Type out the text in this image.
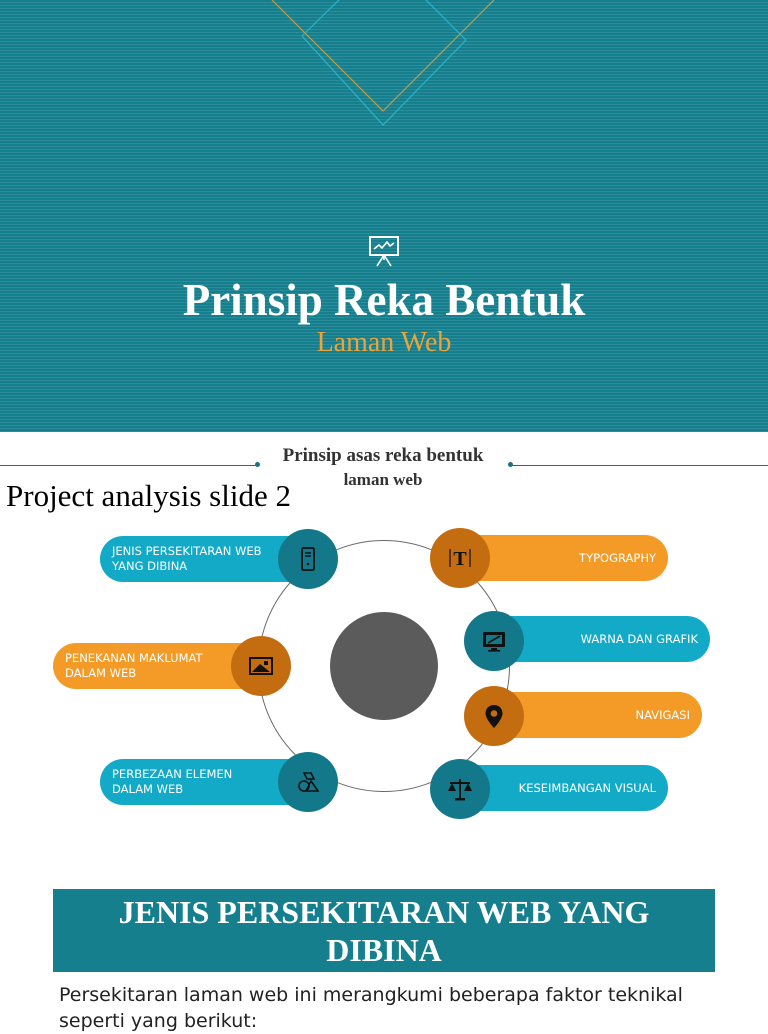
Prinsip Reka Bentuk
Laman Web
Prinsip asas reka bentuk
laman web
Project analysis slide 2
JENIS PERSEKITARAN WEB YANG DIBINA
PENEKANAN MAKLUMAT DALAM WEB
PERBEZAAN ELEMEN DALAM WEB
TYPOGRAPHY
T
WARNA DAN GRAFIK
NAVIGASI
KESEIMBANGAN VISUAL
JENIS PERSEKITARAN WEB YANG DIBINA
Persekitaran laman web ini merangkumi beberapa faktor teknikal seperti yang berikut:
